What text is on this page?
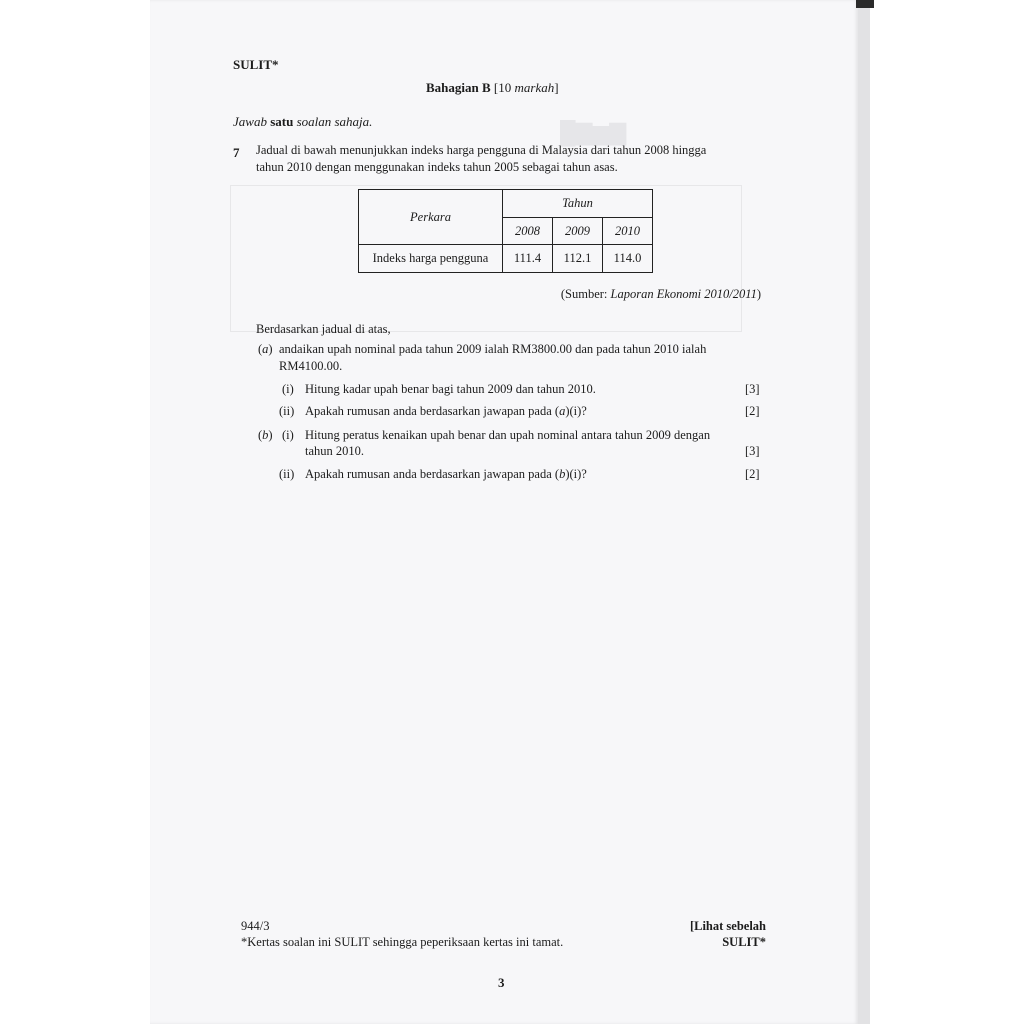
█▇▆▇
SULIT*
Bahagian B [10 markah]
Jawab satu soalan sahaja.
7 Jadual di bawah menunjukkan indeks harga pengguna di Malaysia dari tahun 2008 hingga
tahun 2010 dengan menggunakan indeks tahun 2005 sebagai tahun asas.
Perkara	Tahun		
	2008	2009	2010
Indeks harga pengguna	111.4	112.1	114.0
(Sumber: Laporan Ekonomi 2010/2011)
Berdasarkan jadual di atas,
(a) andaikan upah nominal pada tahun 2009 ialah RM3800.00 dan pada tahun 2010 ialah
RM4100.00.
(i) Hitung kadar upah benar bagi tahun 2009 dan tahun 2010.	[3]
(ii) Apakah rumusan anda berdasarkan jawapan pada (a)(i)?	[2]
(b) (i) Hitung peratus kenaikan upah benar dan upah nominal antara tahun 2009 dengan
tahun 2010.	[3]
(ii) Apakah rumusan anda berdasarkan jawapan pada (b)(i)?	[2]
944/3
*Kertas soalan ini SULIT sehingga peperiksaan kertas ini tamat.
[Lihat sebelah
SULIT*
3
